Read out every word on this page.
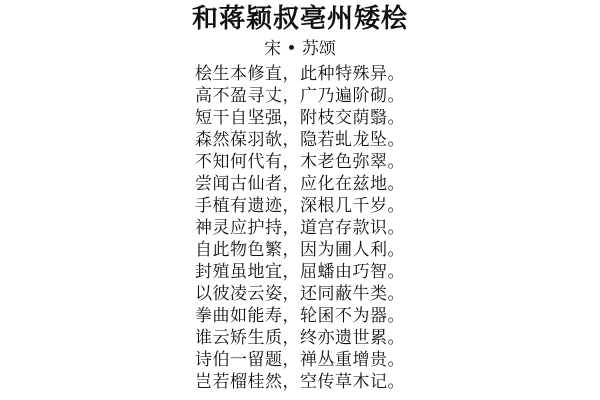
和蒋颖叔亳州矮桧
宋 • 苏颂
桧生本修直，此种特殊异。
高不盈寻丈，广乃遍阶砌。
短干自坚强，附枝交荫翳。
森然葆羽欹，隐若虬龙坠。
不知何代有，木老色弥翠。
尝闻古仙者，应化在兹地。
手植有遗迹，深根几千岁。
神灵应护持，道宫存款识。
自此物色繁，因为圃人利。
封殖虽地宜，屈蟠由巧智。
以彼凌云姿，还同蔽牛类。
拳曲如能寿，轮囷不为器。
谁云矫生质，终亦遗世累。
诗伯一留题，禅丛重增贵。
岂若榴桂然，空传草木记。
